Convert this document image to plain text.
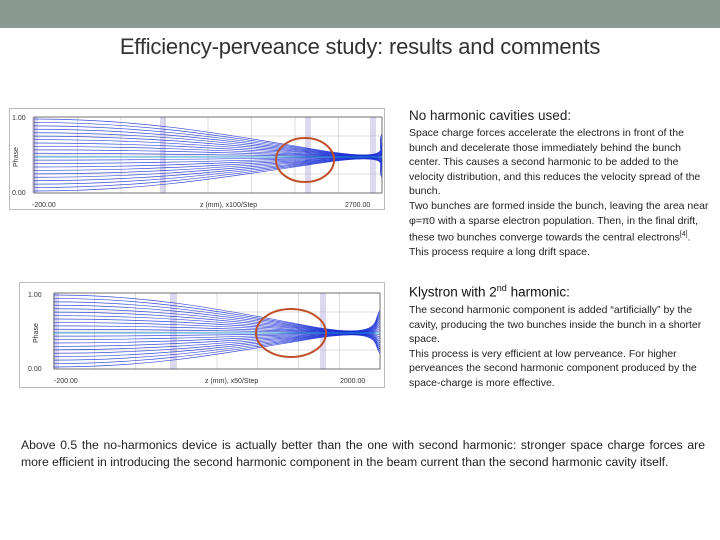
Efficiency-perveance study: results and comments
1.00
0.00
Phase
-200.00	z (mm), x100/Step	2700.00
1.00
0.00
Phase
-200.00	z (mm), x50/Step	2000.00
No harmonic cavities used:

Space charge forces accelerate the electrons in front of the bunch and decelerate those immediately behind the bunch center. This causes a second harmonic to be added to the velocity distribution, and this reduces the velocity spread of the bunch.

Two bunches are formed inside the bunch, leaving the area near φ=π0 with a sparse electron population. Then, in the final drift, these two bunches converge towards the central electrons[4].

This process require a long drift space.

Klystron with 2nd harmonic:

The second harmonic component is added “artificially” by the cavity, producing the two bunches inside the bunch in a shorter space.

This process is very efficient at low perveance. For higher perveances the second harmonic component produced by the space-charge is more effective.

Above 0.5 the no-harmonics device is actually better than the one with second harmonic: stronger space charge forces are more efficient in introducing the second harmonic component in the beam current than the second harmonic cavity itself.
